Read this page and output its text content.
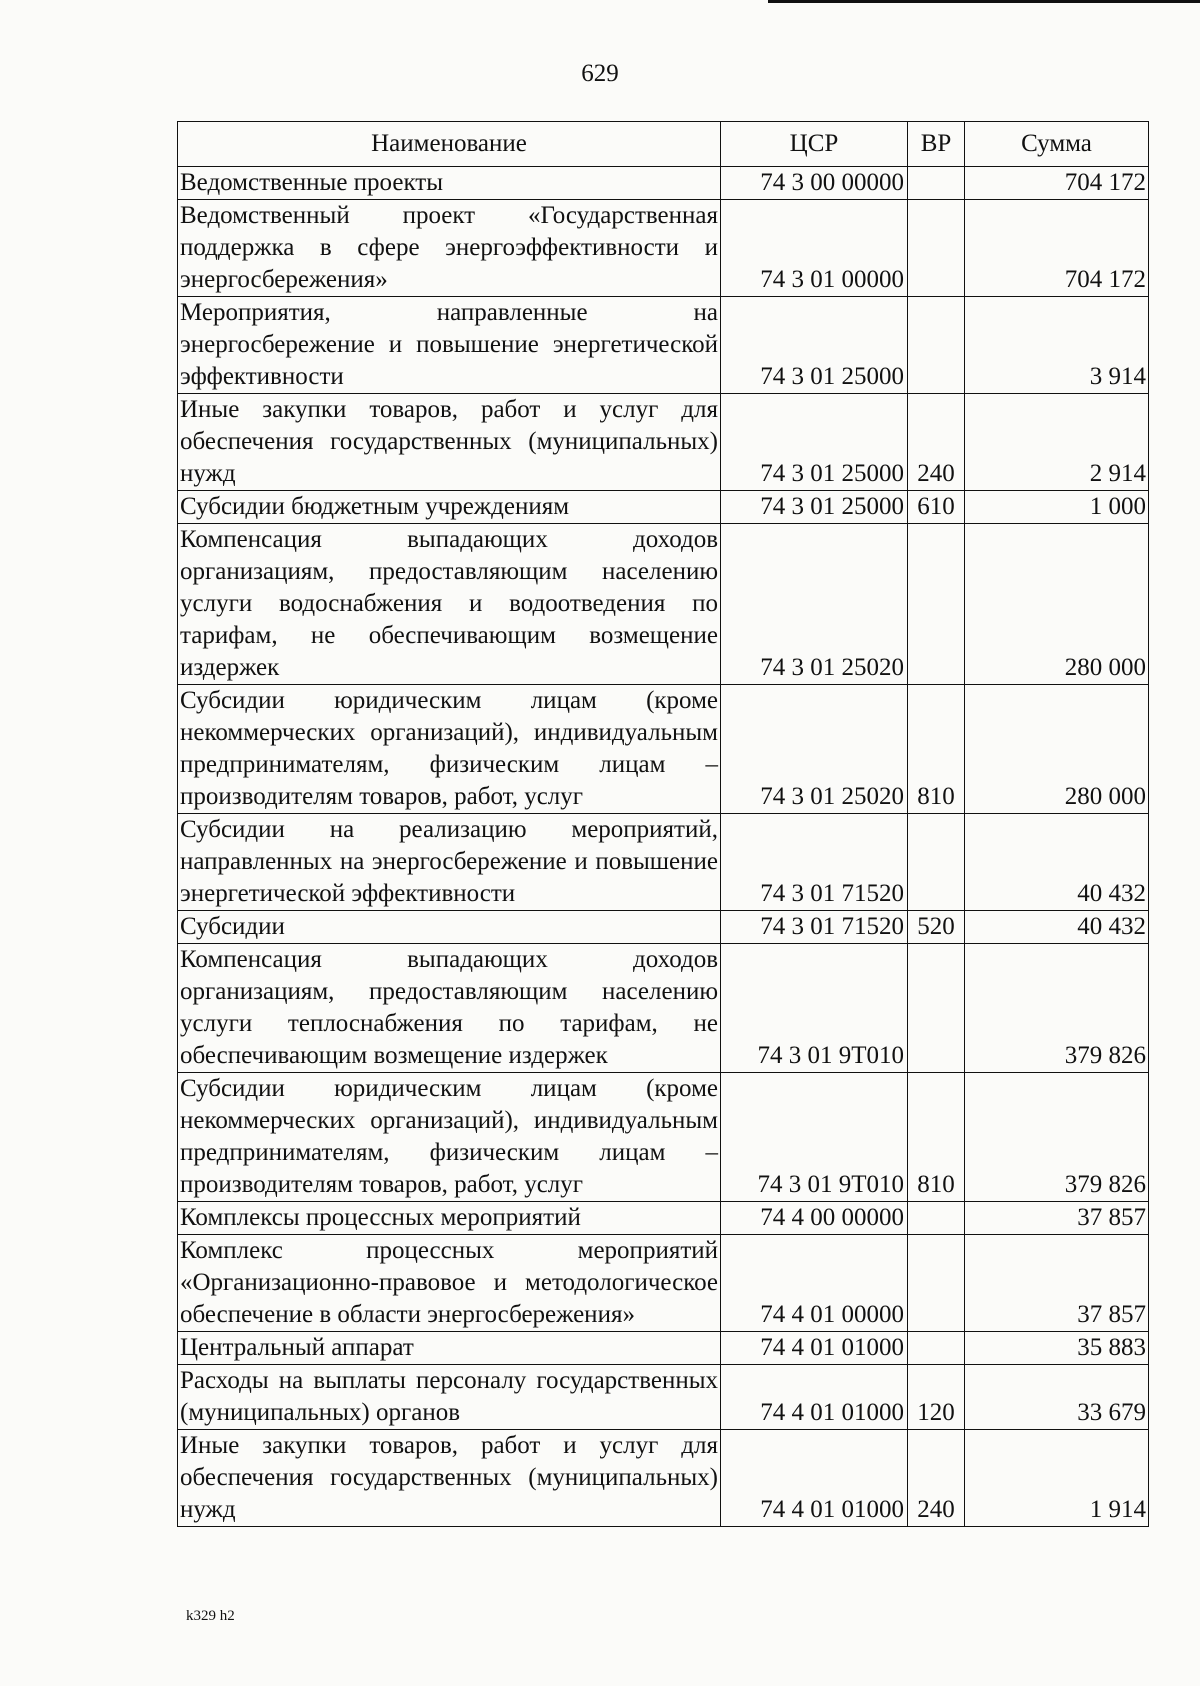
629
Наименование	ЦСР	ВР	Сумма
Ведомственные проекты	74 3 00 00000		704 172
Ведомственный проект «Государственная поддержка в сфере энергоэффективности и энергосбережения»	74 3 01 00000		704 172
Мероприятия, направленные на энергосбережение и повышение энергетической эффективности	74 3 01 25000		3 914
Иные закупки товаров, работ и услуг для обеспечения государственных (муниципальных) нужд	74 3 01 25000	240	2 914
Субсидии бюджетным учреждениям	74 3 01 25000	610	1 000
Компенсация выпадающих доходов организациям, предоставляющим населению услуги водоснабжения и водоотведения по тарифам, не обеспечивающим возмещение издержек	74 3 01 25020		280 000
Субсидии юридическим лицам (кроме некоммерческих организаций), индивидуальным предпринимателям, физическим лицам – производителям товаров, работ, услуг	74 3 01 25020	810	280 000
Субсидии на реализацию мероприятий, направленных на энергосбережение и повышение энергетической эффективности	74 3 01 71520		40 432
Субсидии	74 3 01 71520	520	40 432
Компенсация выпадающих доходов организациям, предоставляющим населению услуги теплоснабжения по тарифам, не обеспечивающим возмещение издержек	74 3 01 9Т010		379 826
Субсидии юридическим лицам (кроме некоммерческих организаций), индивидуальным предпринимателям, физическим лицам – производителям товаров, работ, услуг	74 3 01 9Т010	810	379 826
Комплексы процессных мероприятий	74 4 00 00000		37 857
Комплекс процессных мероприятий «Организационно-правовое и методологическое обеспечение в области энергосбережения»	74 4 01 00000		37 857
Центральный аппарат	74 4 01 01000		35 883
Расходы на выплаты персоналу государственных (муниципальных) органов	74 4 01 01000	120	33 679
Иные закупки товаров, работ и услуг для обеспечения государственных (муниципальных) нужд	74 4 01 01000	240	1 914
k329 h2
